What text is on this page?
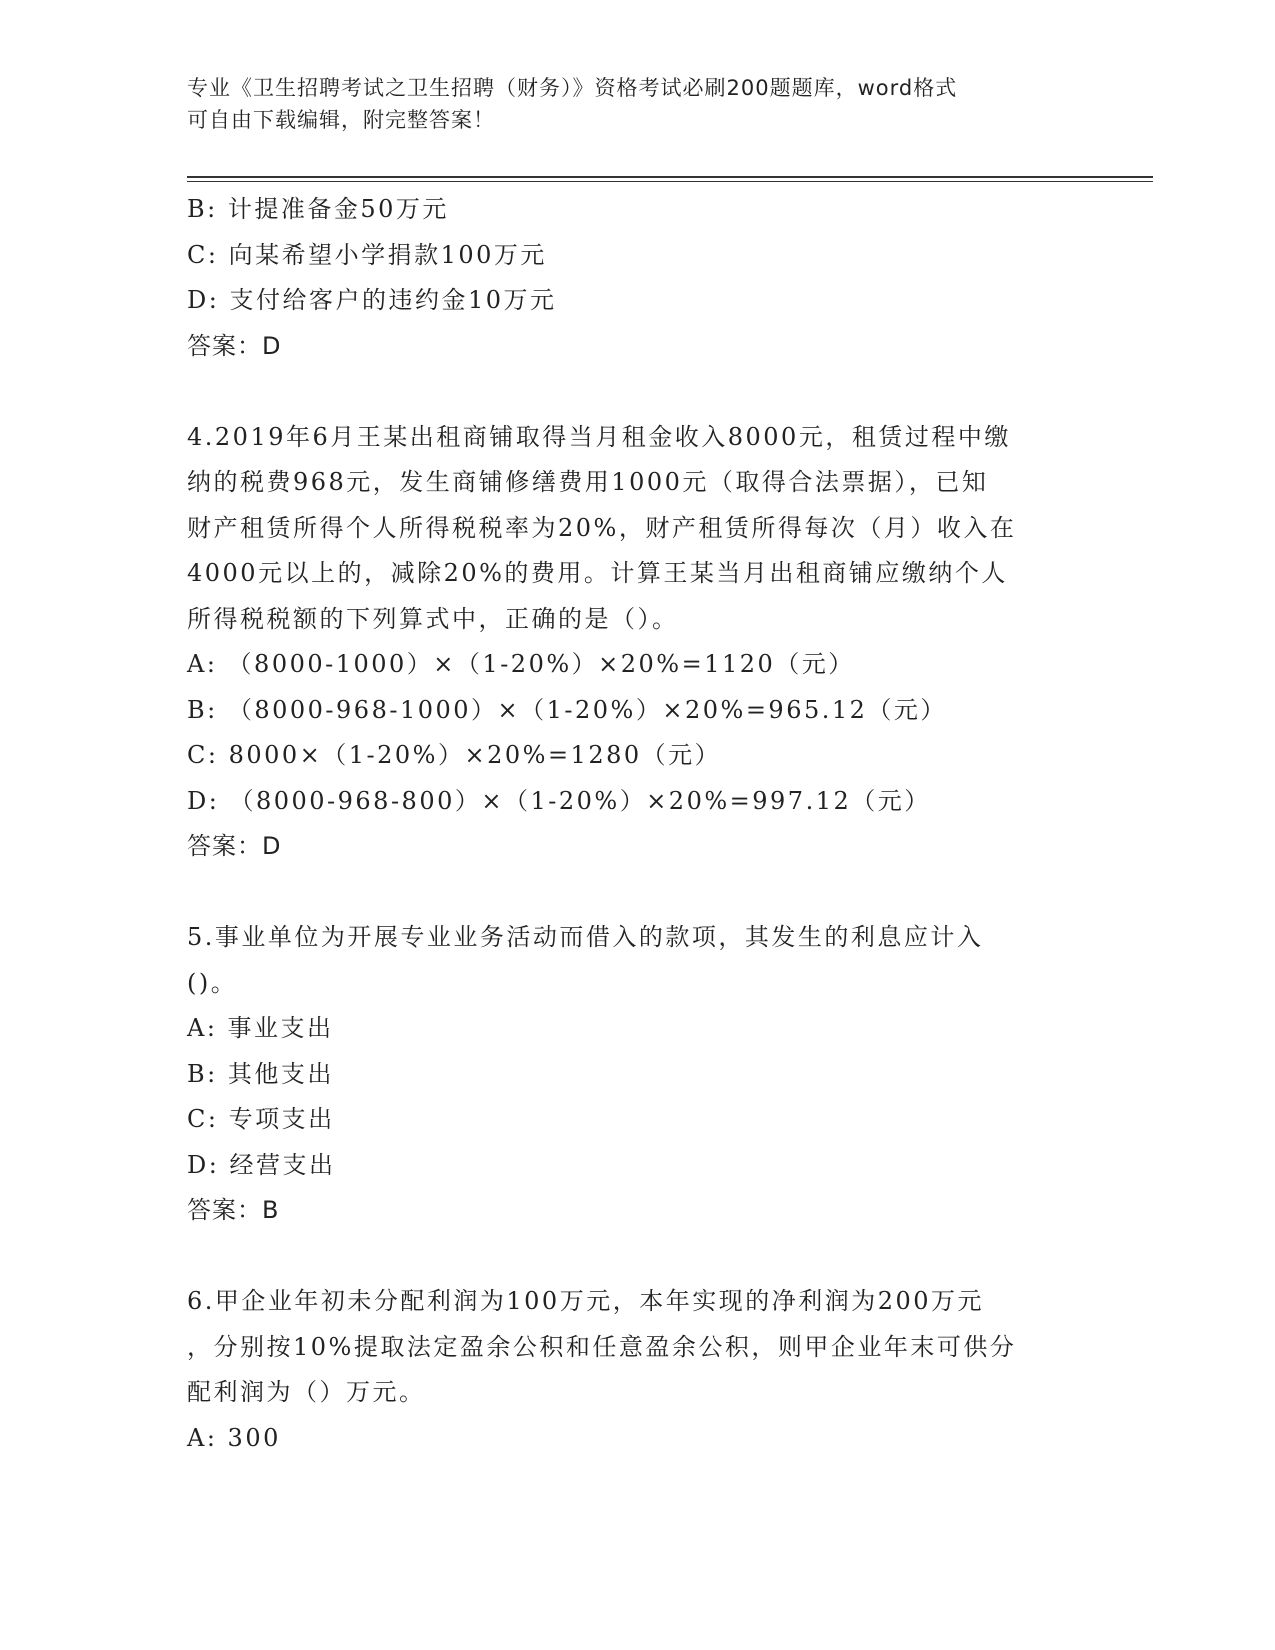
专业《卫生招聘考试之卫生招聘（财务）》资格考试必刷200题题库，word格式
可自由下载编辑，附完整答案！
B: 计提准备金50万元
C: 向某希望小学捐款100万元
D: 支付给客户的违约金10万元
答案：D
4.2019年6月王某出租商铺取得当月租金收入8000元，租赁过程中缴
纳的税费968元，发生商铺修缮费用1000元（取得合法票据），已知
财产租赁所得个人所得税税率为20%，财产租赁所得每次（月）收入在
4000元以上的，减除20%的费用。计算王某当月出租商铺应缴纳个人
所得税税额的下列算式中，正确的是（）。
A: （8000-1000）×（1-20%）×20%=1120（元）
B: （8000-968-1000）×（1-20%）×20%=965.12（元）
C: 8000×（1-20%）×20%=1280（元）
D: （8000-968-800）×（1-20%）×20%=997.12（元）
答案：D
5.事业单位为开展专业业务活动而借入的款项，其发生的利息应计入
()。
A: 事业支出
B: 其他支出
C: 专项支出
D: 经营支出
答案：B
6.甲企业年初未分配利润为100万元，本年实现的净利润为200万元
，分别按10%提取法定盈余公积和任意盈余公积，则甲企业年末可供分
配利润为（）万元。
A: 300
